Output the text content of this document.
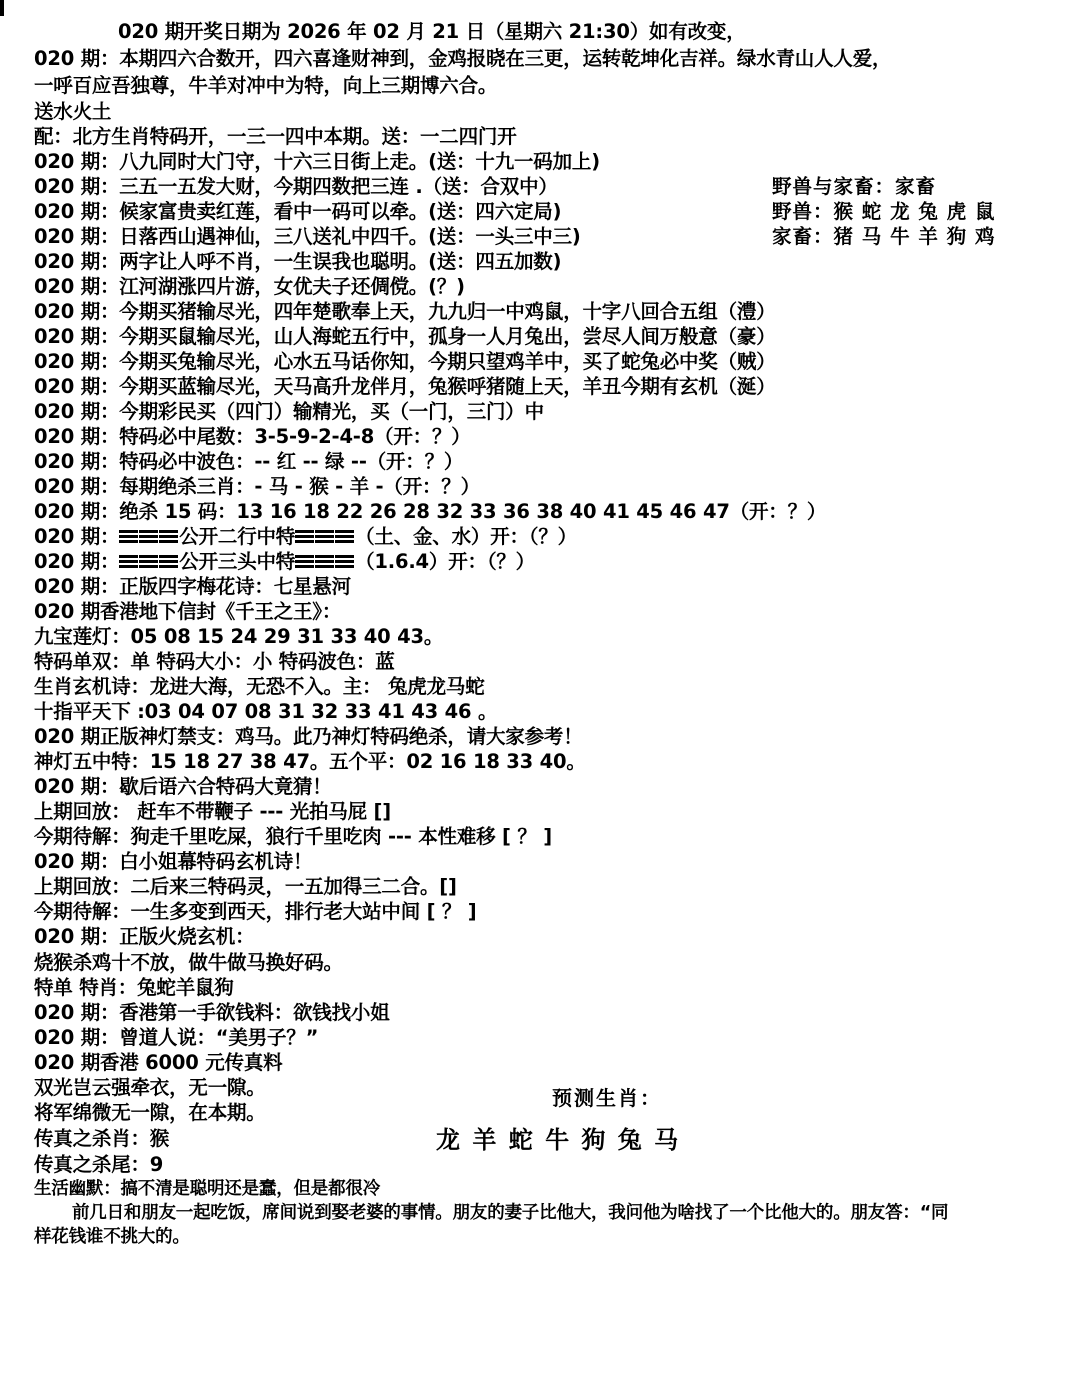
020 期开奖日期为 2026 年 02 月 21 日（星期六 21:30）如有改变，
020 期：本期四六合数开，四六喜逢财神到，金鸡报晓在三更，运转乾坤化吉祥。绿水青山人人爱，
一呼百应吾独尊，牛羊对冲中为特，向上三期博六合。
送水火土
配：北方生肖特码开，一三一四中本期。送：一二四门开
020 期：八九同时大门守，十六三日街上走。(送：十九一码加上)
020 期：三五一五发大财，今期四数把三连 .（送：合双中）
020 期：候家富贵卖红莲，看中一码可以牵。(送：四六定局)
020 期：日落西山遇神仙，三八送礼中四千。(送：一头三中三)
020 期：两字让人呼不肖，一生误我也聪明。(送：四五加数)
020 期：江河湖涨四片游，女优夫子还倜傥。(？)
020 期：今期买猪输尽光，四年楚歌奉上天，九九归一中鸡鼠，十字八回合五组（澧）
020 期：今期买鼠输尽光，山人海蛇五行中，孤身一人月兔出，尝尽人间万般意（豪）
020 期：今期买兔输尽光，心水五马话你知，今期只望鸡羊中，买了蛇兔必中奖（贼）
020 期：今期买蓝输尽光，天马高升龙伴月，兔猴呼猪随上天，羊丑今期有玄机（涎）
020 期：今期彩民买（四门）输精光，买（一门，三门）中
020 期：特码必中尾数：3-5-9-2-4-8（开：？）
020 期：特码必中波色：-- 红 -- 绿 --（开：？）
020 期：每期绝杀三肖：- 马 - 猴 - 羊 -（开：？）
020 期：绝杀 15 码：13 16 18 22 26 28 32 33 36 38 40 41 45 46 47（开：？）
020 期：	公开二行中特	（土、金、水）开：（？）
020 期：	公开三头中特	（1.6.4）开：（？）
020 期：正版四字梅花诗：七星悬河
020 期香港地下信封《千王之王》：
九宝莲灯：05 08 15 24 29 31 33 40 43。
特码单双：单 特码大小：小 特码波色：蓝
生肖玄机诗：龙进大海，无恐不入。主： 兔虎龙马蛇
十指平天下 :03 04 07 08 31 32 33 41 43 46 。
020 期正版神灯禁支：鸡马。此乃神灯特码绝杀，请大家参考！
神灯五中特：15 18 27 38 47。五个平：02 16 18 33 40。
020 期：歇后语六合特码大竟猜！
上期回放： 赶车不带鞭子 --- 光拍马屁 []
今期待解：狗走千里吃屎，狼行千里吃肉 --- 本性难移 [ ？ ]
020 期：白小姐幕特码玄机诗！
上期回放：二后来三特码灵，一五加得三二合。[]
今期待解：一生多变到西天，排行老大站中间 [ ？ ]
020 期：正版火烧玄机：
烧猴杀鸡十不放，做牛做马换好码。
特单 特肖：兔蛇羊鼠狗
020 期：香港第一手欲钱料：欲钱找小姐
020 期：曾道人说：“美男子？”
020 期香港 6000 元传真料
双光岂云强牵衣，无一隙。
将军绵微无一隙，在本期。
传真之杀肖：猴
传真之杀尾：9
生活幽默：搞不清是聪明还是蠢，但是都很冷
前几日和朋友一起吃饭，席间说到娶老婆的事情。朋友的妻子比他大，我问他为啥找了一个比他大的。朋友答：“同
样花钱谁不挑大的。
野兽与家畜：家畜
野兽：猴 蛇 龙 兔 虎 鼠
家畜：猪 马 牛 羊 狗 鸡
预测生肖：
龙 羊 蛇 牛 狗 兔 马
